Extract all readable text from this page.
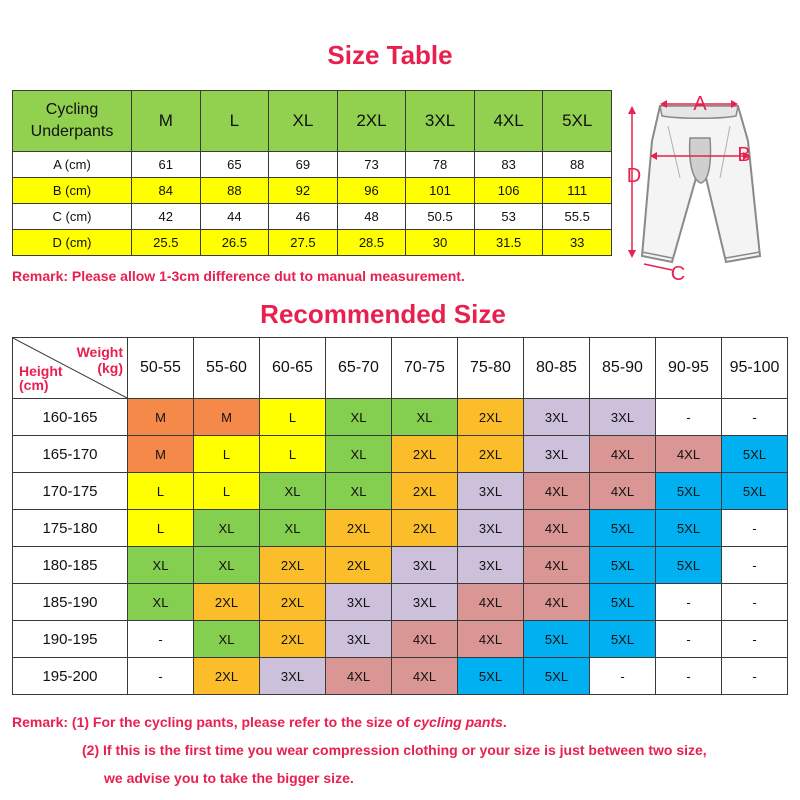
Size Table
Cycling
Underpants	M	L	XL	2XL	3XL	4XL	5XL
A (cm)	61	65	69	73	78	83	88
B (cm)	84	88	92	96	101	106	111
C (cm)	42	44	46	48	50.5	53	55.5
D (cm)	25.5	26.5	27.5	28.5	30	31.5	33

Remark: Please allow 1-3cm difference dut to manual measurement.

A
B
C
D
Recommended Size
Weight
(kg)
Height
(cm)	50-55	55-60	60-65	65-70	70-75	75-80	80-85	85-90	90-95	95-100
160-165	M	M	L	XL	XL	2XL	3XL	3XL	-	-
165-170	M	L	L	XL	2XL	2XL	3XL	4XL	4XL	5XL
170-175	L	L	XL	XL	2XL	3XL	4XL	4XL	5XL	5XL
175-180	L	XL	XL	2XL	2XL	3XL	4XL	5XL	5XL	-
180-185	XL	XL	2XL	2XL	3XL	3XL	4XL	5XL	5XL	-
185-190	XL	2XL	2XL	3XL	3XL	4XL	4XL	5XL	-	-
190-195	-	XL	2XL	3XL	4XL	4XL	5XL	5XL	-	-
195-200	-	2XL	3XL	4XL	4XL	5XL	5XL	-	-	-

Remark: (1) For the cycling pants, please refer to the size of cycling pants.

(2) If this is the first time you wear compression clothing or your size is just between two size,

we advise you to take the bigger size.
